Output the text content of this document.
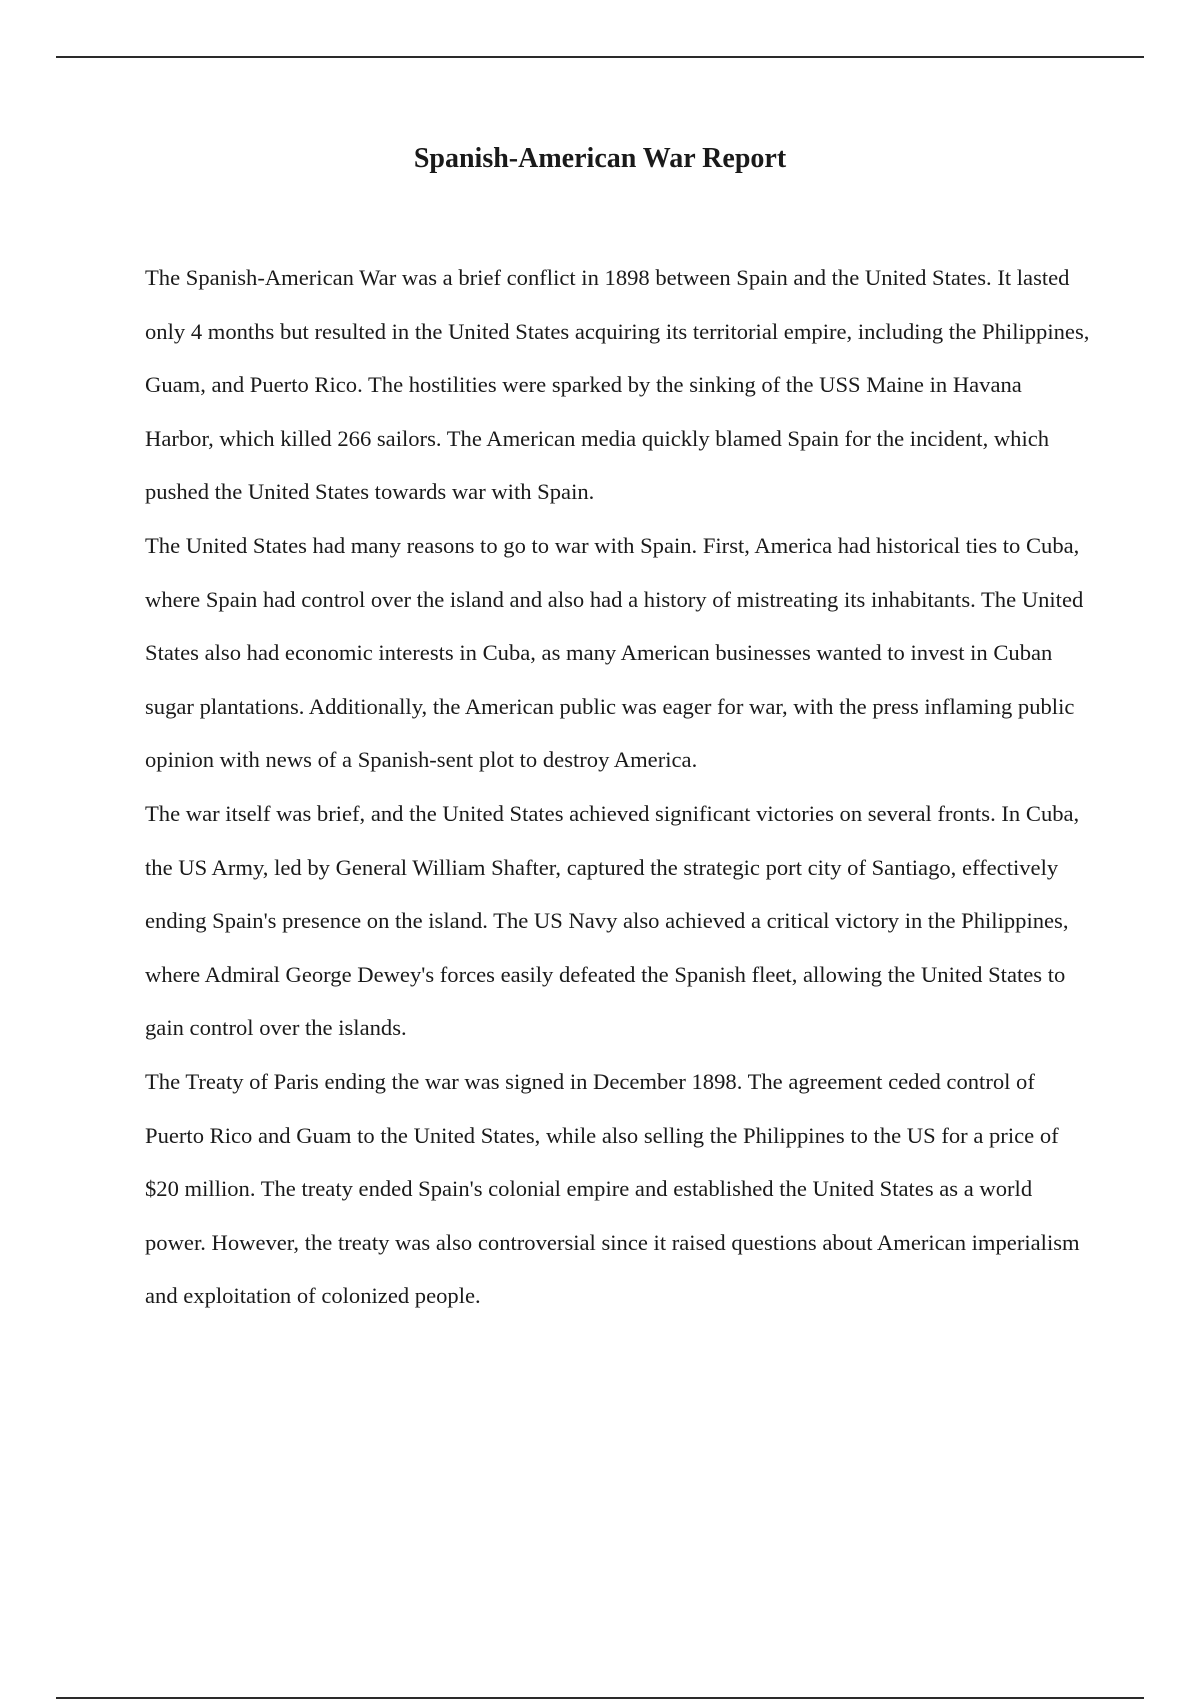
Spanish-American War Report

The Spanish-American War was a brief conflict in 1898 between Spain and the United States. It lasted only 4 months but resulted in the United States acquiring its territorial empire, including the Philippines, Guam, and Puerto Rico. The hostilities were sparked by the sinking of the USS Maine in Havana Harbor, which killed 266 sailors. The American media quickly blamed Spain for the incident, which pushed the United States towards war with Spain.

The United States had many reasons to go to war with Spain. First, America had historical ties to Cuba, where Spain had control over the island and also had a history of mistreating its inhabitants. The United States also had economic interests in Cuba, as many American businesses wanted to invest in Cuban sugar plantations. Additionally, the American public was eager for war, with the press inflaming public opinion with news of a Spanish-sent plot to destroy America.

The war itself was brief, and the United States achieved significant victories on several fronts. In Cuba, the US Army, led by General William Shafter, captured the strategic port city of Santiago, effectively ending Spain's presence on the island. The US Navy also achieved a critical victory in the Philippines, where Admiral George Dewey's forces easily defeated the Spanish fleet, allowing the United States to gain control over the islands.

The Treaty of Paris ending the war was signed in December 1898. The agreement ceded control of Puerto Rico and Guam to the United States, while also selling the Philippines to the US for a price of $20 million. The treaty ended Spain's colonial empire and established the United States as a world power. However, the treaty was also controversial since it raised questions about American imperialism and exploitation of colonized people.
